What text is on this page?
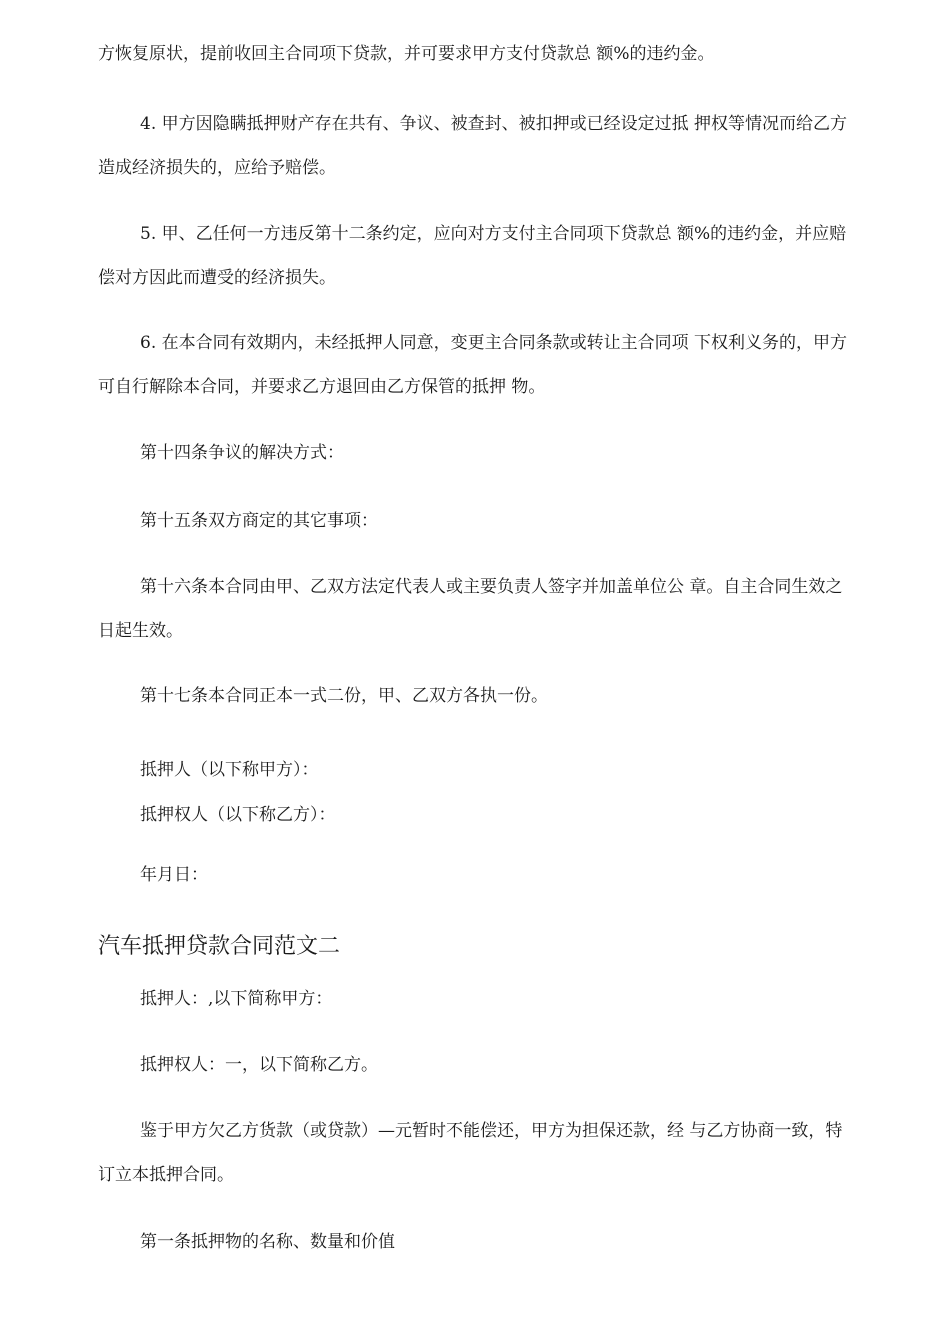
方恢复原状，提前收回主合同项下贷款，并可要求甲方支付贷款总 额%的违约金。

4. 甲方因隐瞒抵押财产存在共有、争议、被查封、被扣押或已经设定过抵 押权等情况而给乙方造成经济损失的，应给予赔偿。

5. 甲、乙任何一方违反第十二条约定，应向对方支付主合同项下贷款总 额%的违约金，并应赔偿对方因此而遭受的经济损失。

6. 在本合同有效期内，未经抵押人同意，变更主合同条款或转让主合同项 下权利义务的，甲方可自行解除本合同，并要求乙方退回由乙方保管的抵押 物。

第十四条争议的解决方式：

第十五条双方商定的其它事项：

第十六条本合同由甲、乙双方法定代表人或主要负责人签字并加盖单位公 章。自主合同生效之日起生效。

第十七条本合同正本一式二份，甲、乙双方各执一份。

抵押人（以下称甲方）：

抵押权人（以下称乙方）：

年月日：

汽车抵押贷款合同范文二

抵押人：,以下简称甲方：

抵押权人：一，以下简称乙方。

鉴于甲方欠乙方货款（或贷款）—元暂时不能偿还，甲方为担保还款，经 与乙方协商一致，特订立本抵押合同。

第一条抵押物的名称、数量和价值
